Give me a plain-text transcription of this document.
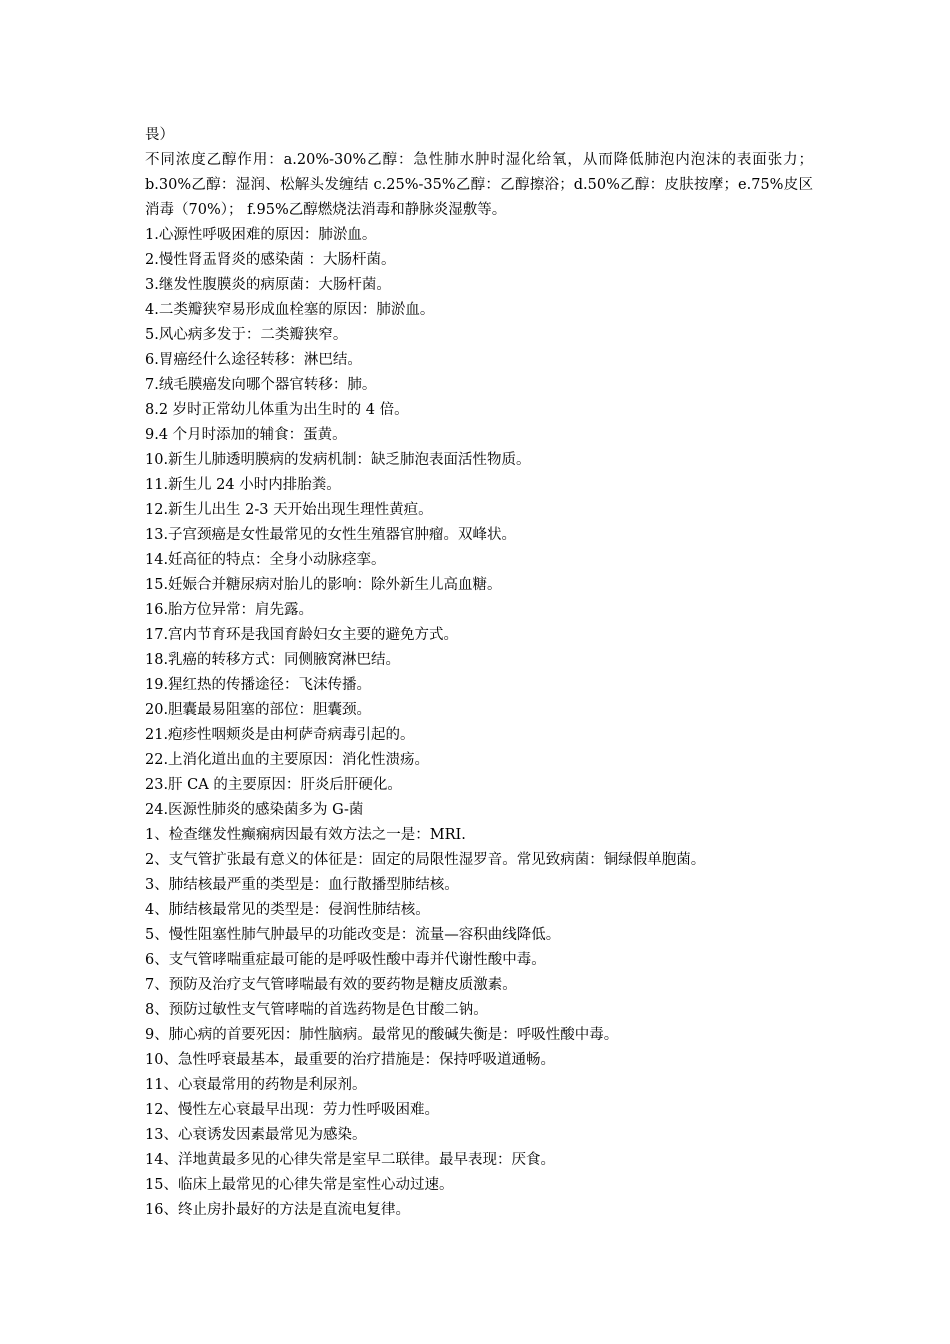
畏）

不同浓度乙醇作用：a.20%-30%乙醇：急性肺水肿时湿化给氧，从而降低肺泡内泡沫的表面张力； b.30%乙醇：湿润、松解头发缠结 c.25%-35%乙醇：乙醇擦浴；d.50%乙醇：皮肤按摩；e.75%皮区消毒（70%）； f.95%乙醇燃烧法消毒和静脉炎湿敷等。

1.心源性呼吸困难的原因：肺淤血。

2.慢性肾盂肾炎的感染菌 ：大肠杆菌。

3.继发性腹膜炎的病原菌：大肠杆菌。

4.二类瓣狭窄易形成血栓塞的原因：肺淤血。

5.风心病多发于：二类瓣狭窄。

6.胃癌经什么途径转移：淋巴结。

7.绒毛膜癌发向哪个器官转移：肺。

8.2 岁时正常幼儿体重为出生时的 4 倍。

9.4 个月时添加的辅食：蛋黄。

10.新生儿肺透明膜病的发病机制：缺乏肺泡表面活性物质。

11.新生儿 24 小时内排胎粪。

12.新生儿出生 2-3 天开始出现生理性黄疸。

13.子宫颈癌是女性最常见的女性生殖器官肿瘤。双峰状。

14.妊高征的特点：全身小动脉痉挛。

15.妊娠合并糖尿病对胎儿的影响：除外新生儿高血糖。

16.胎方位异常：肩先露。

17.宫内节育环是我国育龄妇女主要的避免方式。

18.乳癌的转移方式：同侧腋窝淋巴结。

19.猩红热的传播途径：飞沫传播。

20.胆囊最易阻塞的部位：胆囊颈。

21.疱疹性咽颊炎是由柯萨奇病毒引起的。

22.上消化道出血的主要原因：消化性溃疡。

23.肝 CA 的主要原因：肝炎后肝硬化。

24.医源性肺炎的感染菌多为 G-菌

1、检查继发性癫痫病因最有效方法之一是：MRI.

2、支气管扩张最有意义的体征是：固定的局限性湿罗音。常见致病菌：铜绿假单胞菌。

3、肺结核最严重的类型是：血行散播型肺结核。

4、肺结核最常见的类型是：侵润性肺结核。

5、慢性阻塞性肺气肿最早的功能改变是：流量—容积曲线降低。

6、支气管哮喘重症最可能的是呼吸性酸中毒并代谢性酸中毒。

7、预防及治疗支气管哮喘最有效的要药物是糖皮质激素。

8、预防过敏性支气管哮喘的首选药物是色甘酸二钠。

9、肺心病的首要死因：肺性脑病。最常见的酸碱失衡是：呼吸性酸中毒。

10、急性呼衰最基本，最重要的治疗措施是：保持呼吸道通畅。

11、心衰最常用的药物是利尿剂。

12、慢性左心衰最早出现：劳力性呼吸困难。

13、心衰诱发因素最常见为感染。

14、洋地黄最多见的心律失常是室早二联律。最早表现：厌食。

15、临床上最常见的心律失常是室性心动过速。

16、终止房扑最好的方法是直流电复律。
